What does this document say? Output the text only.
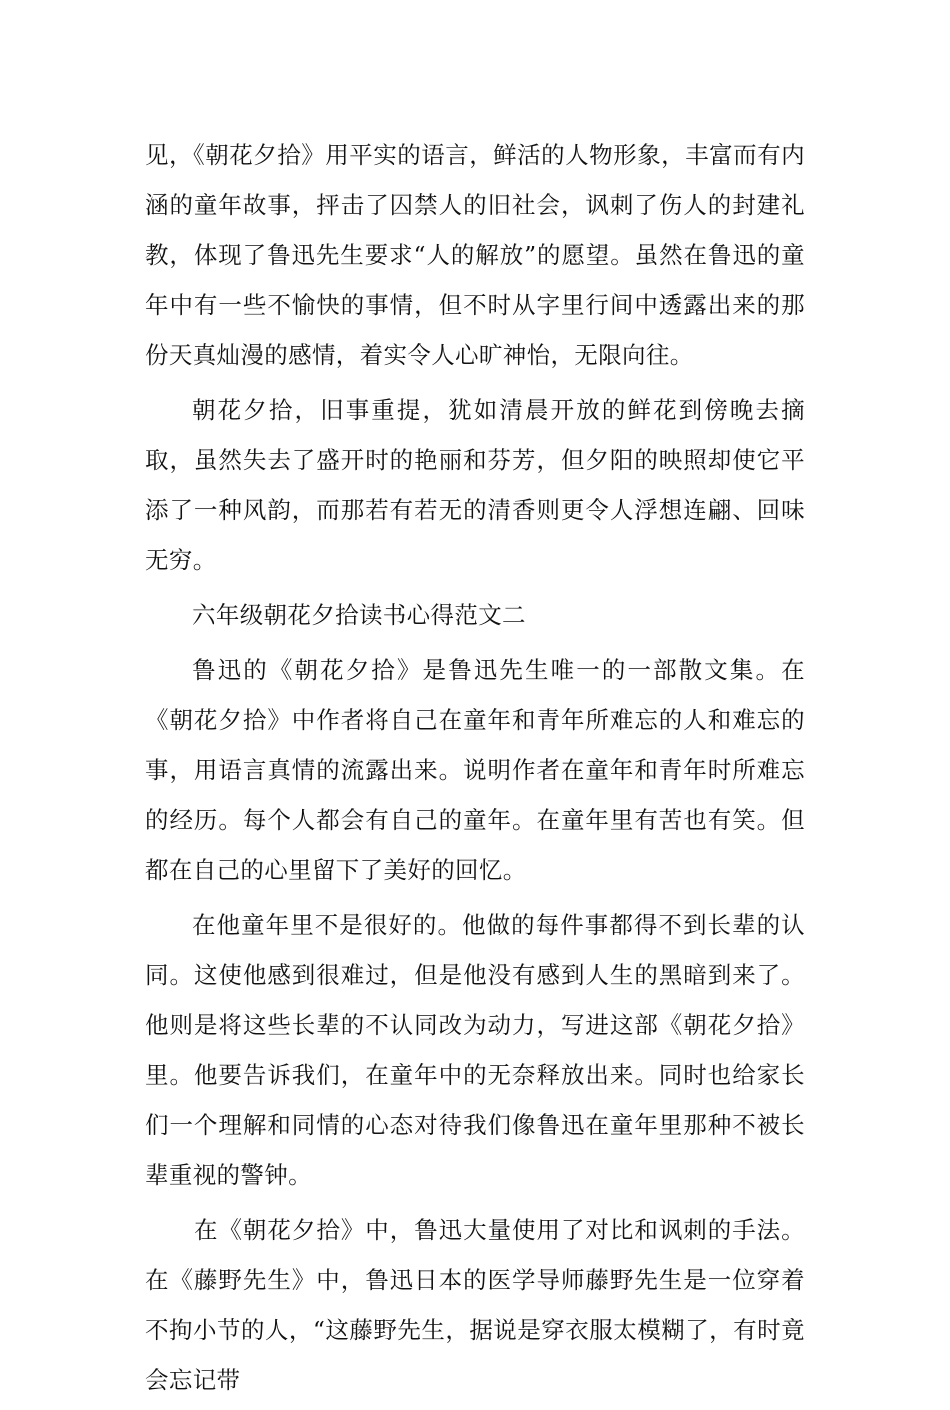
见，《朝花夕拾》用平实的语言，鲜活的人物形象，丰富而有内涵的童年故事，抨击了囚禁人的旧社会，讽刺了伤人的封建礼教，体现了鲁迅先生要求“人的解放”的愿望。虽然在鲁迅的童年中有一些不愉快的事情，但不时从字里行间中透露出来的那份天真灿漫的感情，着实令人心旷神怡，无限向往。

朝花夕拾，旧事重提，犹如清晨开放的鲜花到傍晚去摘取，虽然失去了盛开时的艳丽和芬芳，但夕阳的映照却使它平添了一种风韵，而那若有若无的清香则更令人浮想连翩、回味无穷。

六年级朝花夕拾读书心得范文二

鲁迅的《朝花夕拾》是鲁迅先生唯一的一部散文集。在《朝花夕拾》中作者将自己在童年和青年所难忘的人和难忘的事，用语言真情的流露出来。说明作者在童年和青年时所难忘的经历。每个人都会有自己的童年。在童年里有苦也有笑。但都在自己的心里留下了美好的回忆。

在他童年里不是很好的。他做的每件事都得不到长辈的认同。这使他感到很难过，但是他没有感到人生的黑暗到来了。他则是将这些长辈的不认同改为动力，写进这部《朝花夕拾》里。他要告诉我们，在童年中的无奈释放出来。同时也给家长们一个理解和同情的心态对待我们像鲁迅在童年里那种不被长辈重视的警钟。

在《朝花夕拾》中，鲁迅大量使用了对比和讽刺的手法。在《藤野先生》中，鲁迅日本的医学导师藤野先生是一位穿着不拘小节的人，“这藤野先生，据说是穿衣服太模糊了，有时竟会忘记带
